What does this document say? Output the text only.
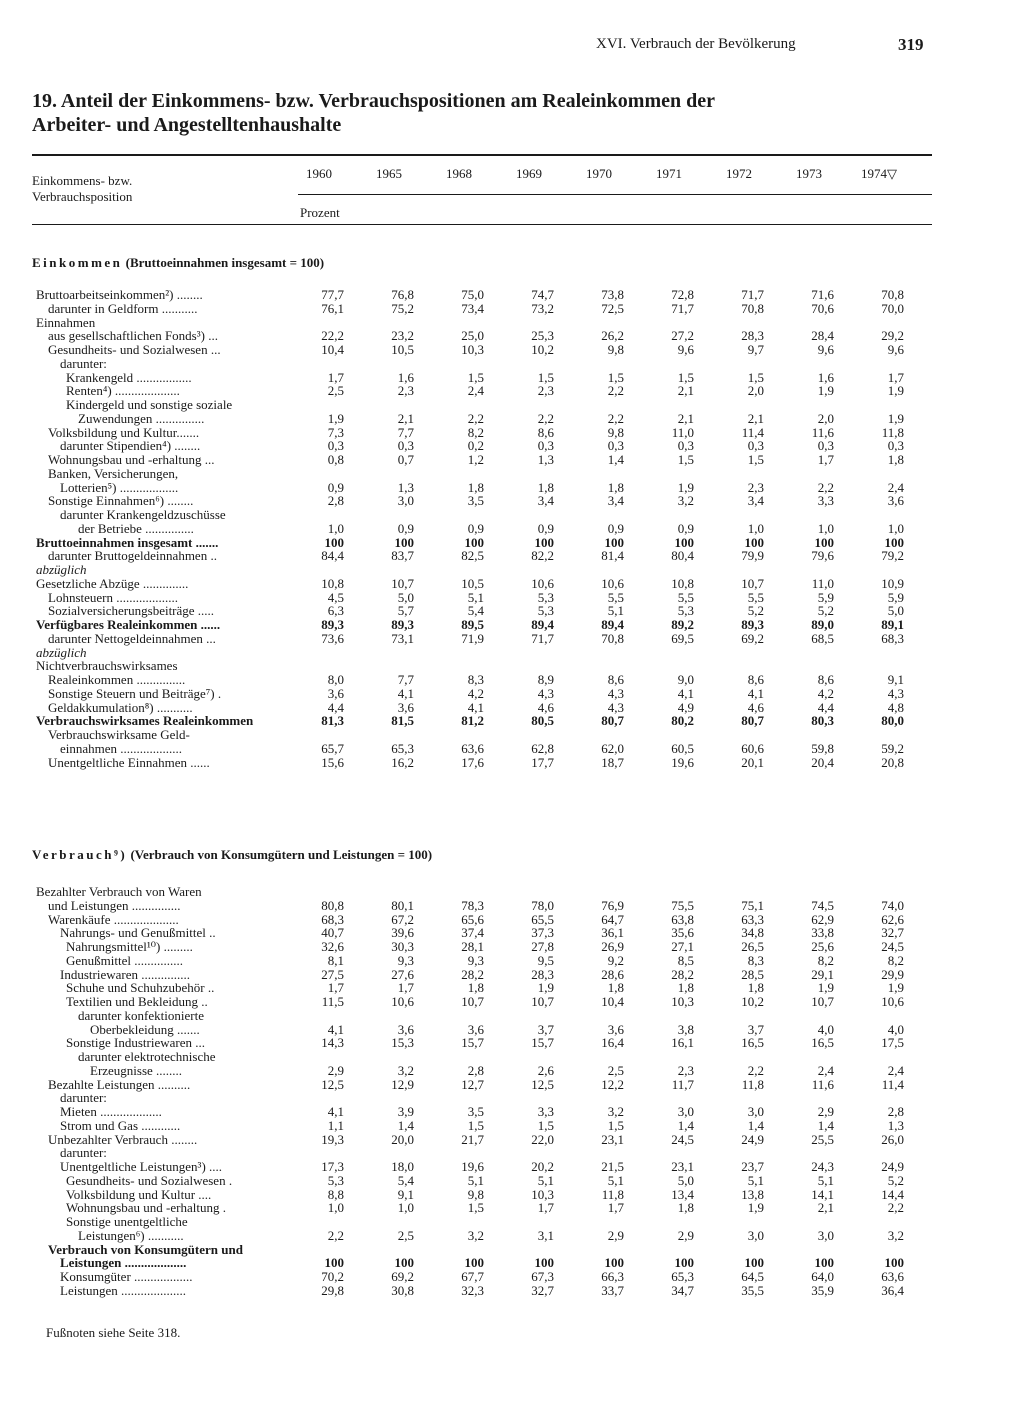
XVI. Verbrauch der Bevölkerung	319
19. Anteil der Einkommens- bzw. Verbrauchspositionen am Realeinkommen der Arbeiter- und Angestelltenhaushalte
Einkommens- bzw.
Verbrauchsposition
1960	1965	1968	1969	1970	1971	1972	1973	1974▽
Prozent
Einkommen (Bruttoeinnahmen insgesamt = 100)
Bruttoarbeitseinkommen²) ........	77,7	76,8	75,0	74,7	73,8	72,8	71,7	71,6	70,8
darunter in Geldform ...........	76,1	75,2	73,4	73,2	72,5	71,7	70,8	70,6	70,0
Einnahmen
aus gesellschaftlichen Fonds³) ...	22,2	23,2	25,0	25,3	26,2	27,2	28,3	28,4	29,2
Gesundheits- und Sozialwesen ...	10,4	10,5	10,3	10,2	9,8	9,6	9,7	9,6	9,6
darunter:
Krankengeld .................	1,7	1,6	1,5	1,5	1,5	1,5	1,5	1,6	1,7
Renten⁴) ....................	2,5	2,3	2,4	2,3	2,2	2,1	2,0	1,9	1,9
Kindergeld und sonstige soziale
Zuwendungen ...............	1,9	2,1	2,2	2,2	2,2	2,1	2,1	2,0	1,9
Volksbildung und Kultur.......	7,3	7,7	8,2	8,6	9,8	11,0	11,4	11,6	11,8
darunter Stipendien⁴) ........	0,3	0,3	0,2	0,3	0,3	0,3	0,3	0,3	0,3
Wohnungsbau und -erhaltung ...	0,8	0,7	1,2	1,3	1,4	1,5	1,5	1,7	1,8
Banken, Versicherungen,
Lotterien⁵) ..................	0,9	1,3	1,8	1,8	1,8	1,9	2,3	2,2	2,4
Sonstige Einnahmen⁶) ........	2,8	3,0	3,5	3,4	3,4	3,2	3,4	3,3	3,6
darunter Krankengeldzuschüsse
der Betriebe ...............	1,0	0,9	0,9	0,9	0,9	0,9	1,0	1,0	1,0
Bruttoeinnahmen insgesamt .......	100	100	100	100	100	100	100	100	100
darunter Bruttogeldeinnahmen ..	84,4	83,7	82,5	82,2	81,4	80,4	79,9	79,6	79,2
abzüglich
Gesetzliche Abzüge ..............	10,8	10,7	10,5	10,6	10,6	10,8	10,7	11,0	10,9
Lohnsteuern ...................	4,5	5,0	5,1	5,3	5,5	5,5	5,5	5,9	5,9
Sozialversicherungsbeiträge .....	6,3	5,7	5,4	5,3	5,1	5,3	5,2	5,2	5,0
Verfügbares Realeinkommen ......	89,3	89,3	89,5	89,4	89,4	89,2	89,3	89,0	89,1
darunter Nettogeldeinnahmen ...	73,6	73,1	71,9	71,7	70,8	69,5	69,2	68,5	68,3
abzüglich
Nichtverbrauchswirksames
Realeinkommen ...............	8,0	7,7	8,3	8,9	8,6	9,0	8,6	8,6	9,1
Sonstige Steuern und Beiträge⁷) .	3,6	4,1	4,2	4,3	4,3	4,1	4,1	4,2	4,3
Geldakkumulation⁸) ...........	4,4	3,6	4,1	4,6	4,3	4,9	4,6	4,4	4,8
Verbrauchswirksames Realeinkommen	81,3	81,5	81,2	80,5	80,7	80,2	80,7	80,3	80,0
Verbrauchswirksame Geld-
einnahmen ...................	65,7	65,3	63,6	62,8	62,0	60,5	60,6	59,8	59,2
Unentgeltliche Einnahmen ......	15,6	16,2	17,6	17,7	18,7	19,6	20,1	20,4	20,8
Verbrauch⁹) (Verbrauch von Konsumgütern und Leistungen = 100)
Bezahlter Verbrauch von Waren
und Leistungen ...............	80,8	80,1	78,3	78,0	76,9	75,5	75,1	74,5	74,0
Warenkäufe ....................	68,3	67,2	65,6	65,5	64,7	63,8	63,3	62,9	62,6
Nahrungs- und Genußmittel ..	40,7	39,6	37,4	37,3	36,1	35,6	34,8	33,8	32,7
Nahrungsmittel¹⁰) .........	32,6	30,3	28,1	27,8	26,9	27,1	26,5	25,6	24,5
Genußmittel ...............	8,1	9,3	9,3	9,5	9,2	8,5	8,3	8,2	8,2
Industriewaren ...............	27,5	27,6	28,2	28,3	28,6	28,2	28,5	29,1	29,9
Schuhe und Schuhzubehör ..	1,7	1,7	1,8	1,9	1,8	1,8	1,8	1,9	1,9
Textilien und Bekleidung ..	11,5	10,6	10,7	10,7	10,4	10,3	10,2	10,7	10,6
darunter konfektionierte
Oberbekleidung .......	4,1	3,6	3,6	3,7	3,6	3,8	3,7	4,0	4,0
Sonstige Industriewaren ...	14,3	15,3	15,7	15,7	16,4	16,1	16,5	16,5	17,5
darunter elektrotechnische
Erzeugnisse ........	2,9	3,2	2,8	2,6	2,5	2,3	2,2	2,4	2,4
Bezahlte Leistungen ..........	12,5	12,9	12,7	12,5	12,2	11,7	11,8	11,6	11,4
darunter:
Mieten ...................	4,1	3,9	3,5	3,3	3,2	3,0	3,0	2,9	2,8
Strom und Gas ............	1,1	1,4	1,5	1,5	1,5	1,4	1,4	1,4	1,3
Unbezahlter Verbrauch ........	19,3	20,0	21,7	22,0	23,1	24,5	24,9	25,5	26,0
darunter:
Unentgeltliche Leistungen³) ....	17,3	18,0	19,6	20,2	21,5	23,1	23,7	24,3	24,9
Gesundheits- und Sozialwesen .	5,3	5,4	5,1	5,1	5,1	5,0	5,1	5,1	5,2
Volksbildung und Kultur ....	8,8	9,1	9,8	10,3	11,8	13,4	13,8	14,1	14,4
Wohnungsbau und -erhaltung .	1,0	1,0	1,5	1,7	1,7	1,8	1,9	2,1	2,2
Sonstige unentgeltliche
Leistungen⁶) ...........	2,2	2,5	3,2	3,1	2,9	2,9	3,0	3,0	3,2
Verbrauch von Konsumgütern und
Leistungen ...................	100	100	100	100	100	100	100	100	100
Konsumgüter ..................	70,2	69,2	67,7	67,3	66,3	65,3	64,5	64,0	63,6
Leistungen ....................	29,8	30,8	32,3	32,7	33,7	34,7	35,5	35,9	36,4
Fußnoten siehe Seite 318.
